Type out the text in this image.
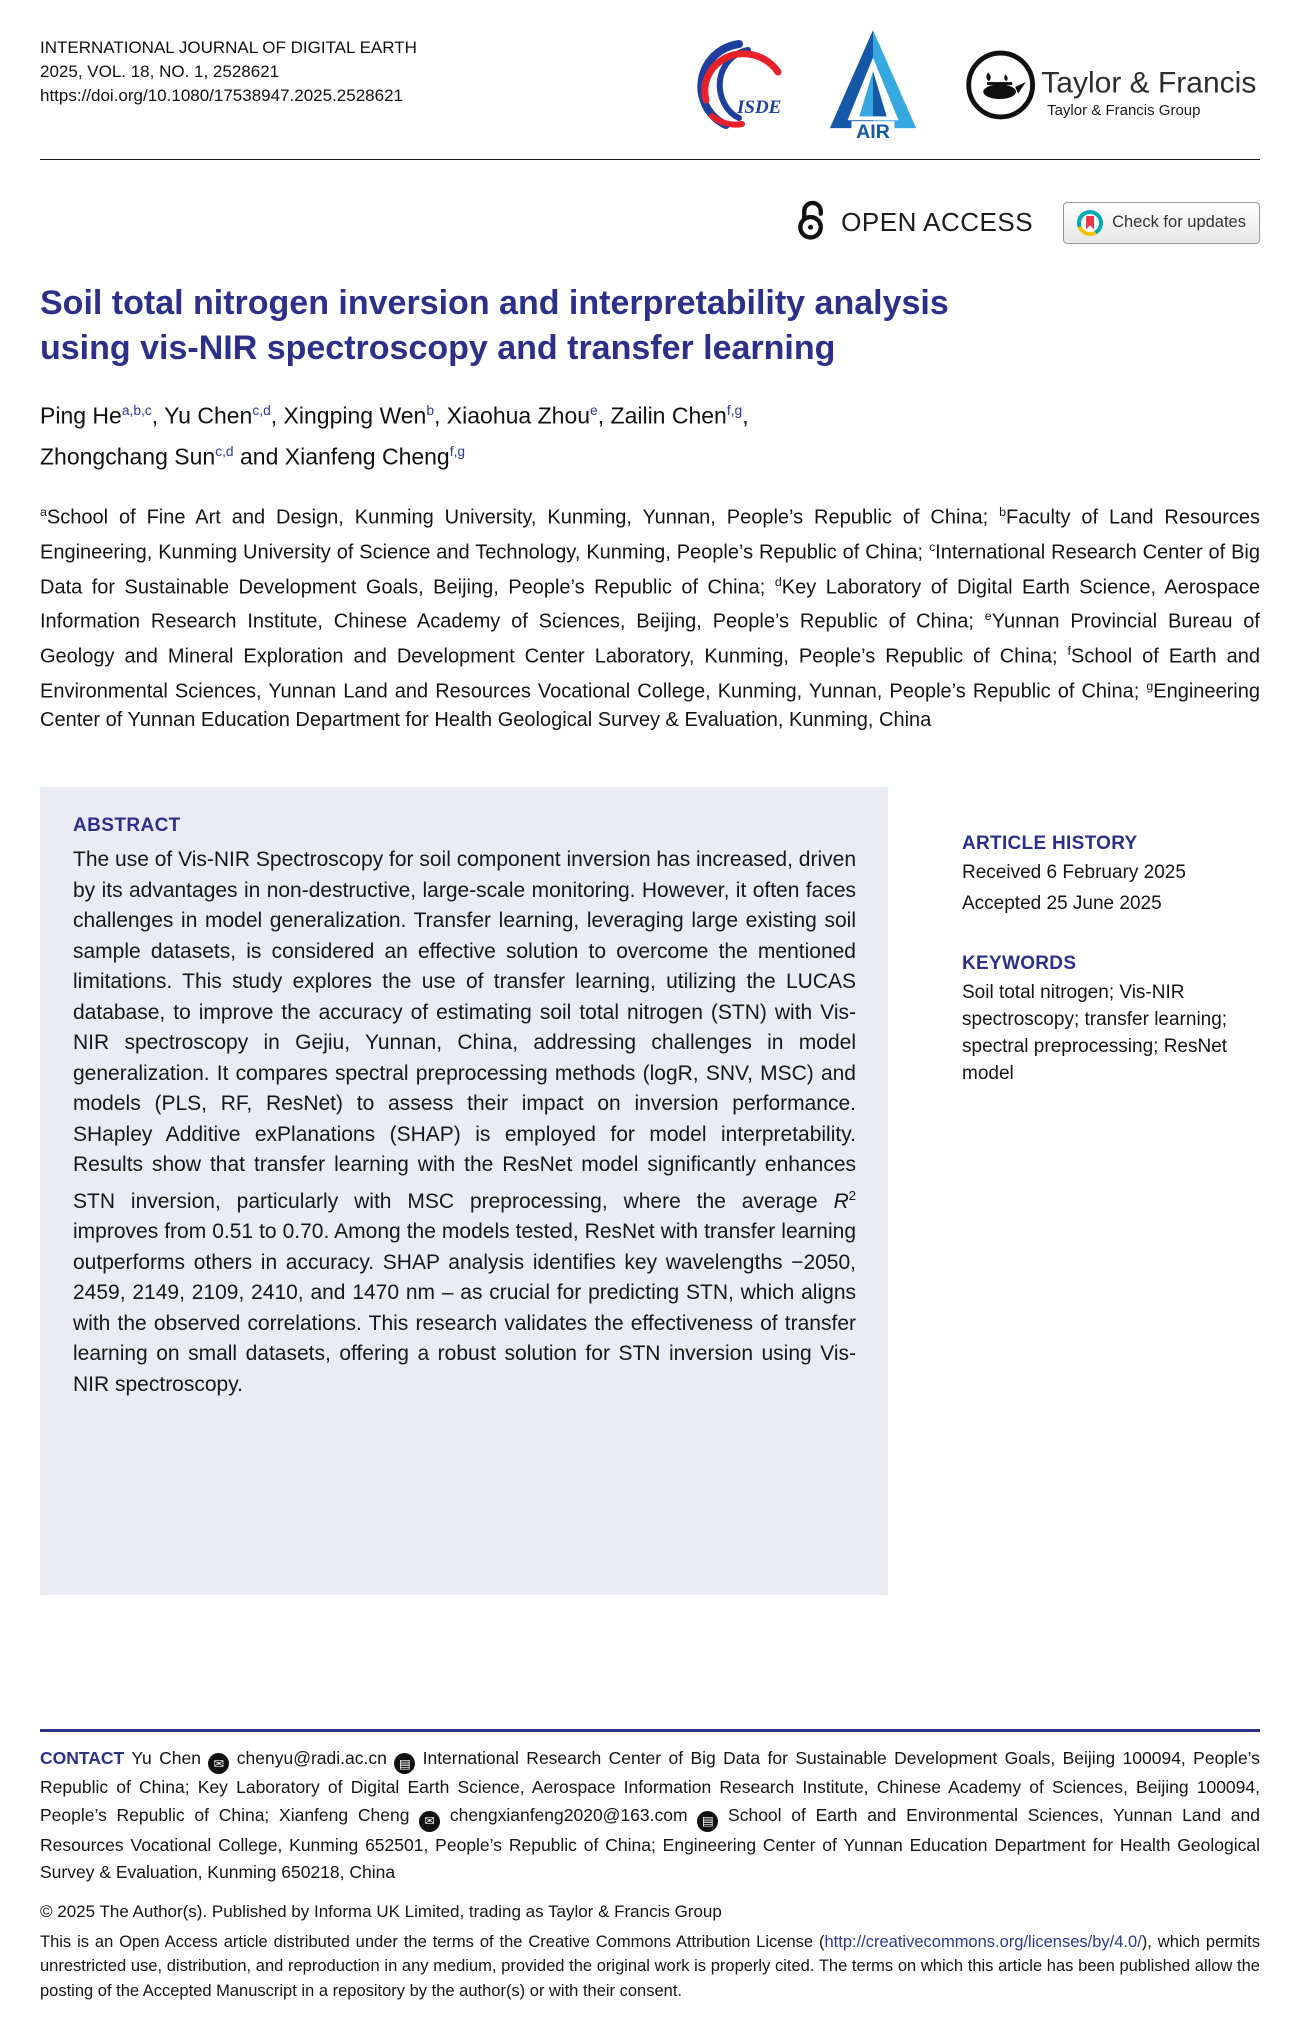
INTERNATIONAL JOURNAL OF DIGITAL EARTH
2025, VOL. 18, NO. 1, 2528621
https://doi.org/10.1080/17538947.2025.2528621
ISDE
AIR
Taylor & Francis
Taylor & Francis Group
OPEN ACCESS	Check for updates
Soil total nitrogen inversion and interpretability analysis
using vis-NIR spectroscopy and transfer learning
Ping He$^{a,b,c}$, Yu Chen$^{c,d}$, Xingping Wen$^b$, Xiaohua Zhou$^e$, Zailin Chen$^{f,g}$,
Zhongchang Sun$^{c,d}$ and Xianfeng Cheng$^{f,g}$
$^a$School of Fine Art and Design, Kunming University, Kunming, Yunnan, People’s Republic of China; $^b$Faculty of Land Resources Engineering, Kunming University of Science and Technology, Kunming, People’s Republic of China; $^c$International Research Center of Big Data for Sustainable Development Goals, Beijing, People’s Republic of China; $^d$Key Laboratory of Digital Earth Science, Aerospace Information Research Institute, Chinese Academy of Sciences, Beijing, People’s Republic of China; $^e$Yunnan Provincial Bureau of Geology and Mineral Exploration and Development Center Laboratory, Kunming, People’s Republic of China; $^f$School of Earth and Environmental Sciences, Yunnan Land and Resources Vocational College, Kunming, Yunnan, People’s Republic of China; $^g$Engineering Center of Yunnan Education Department for Health Geological Survey & Evaluation, Kunming, China
ABSTRACT
The use of Vis-NIR Spectroscopy for soil component inversion has increased, driven by its advantages in non-destructive, large-scale monitoring. However, it often faces challenges in model generalization. Transfer learning, leveraging large existing soil sample datasets, is considered an effective solution to overcome the mentioned limitations. This study explores the use of transfer learning, utilizing the LUCAS database, to improve the accuracy of estimating soil total nitrogen (STN) with Vis-NIR spectroscopy in Gejiu, Yunnan, China, addressing challenges in model generalization. It compares spectral preprocessing methods (logR, SNV, MSC) and models (PLS, RF, ResNet) to assess their impact on inversion performance. SHapley Additive exPlanations (SHAP) is employed for model interpretability. Results show that transfer learning with the ResNet model significantly enhances STN inversion, particularly with MSC preprocessing, where the average $R^2$ improves from 0.51 to 0.70. Among the models tested, ResNet with transfer learning outperforms others in accuracy. SHAP analysis identifies key wavelengths −2050, 2459, 2149, 2109, 2410, and 1470 nm – as crucial for predicting STN, which aligns with the observed correlations. This research validates the effectiveness of transfer learning on small datasets, offering a robust solution for STN inversion using Vis-NIR spectroscopy.
ARTICLE HISTORY
Received 6 February 2025
Accepted 25 June 2025
KEYWORDS
Soil total nitrogen; Vis-NIR spectroscopy; transfer learning; spectral preprocessing; ResNet model
CONTACT Yu Chen ✉ chenyu@radi.ac.cn ▤ International Research Center of Big Data for Sustainable Development Goals, Beijing 100094, People’s Republic of China; Key Laboratory of Digital Earth Science, Aerospace Information Research Institute, Chinese Academy of Sciences, Beijing 100094, People’s Republic of China; Xianfeng Cheng ✉ chengxianfeng2020@163.com ▤ School of Earth and Environmental Sciences, Yunnan Land and Resources Vocational College, Kunming 652501, People’s Republic of China; Engineering Center of Yunnan Education Department for Health Geological Survey & Evaluation, Kunming 650218, China
© 2025 The Author(s). Published by Informa UK Limited, trading as Taylor & Francis Group
This is an Open Access article distributed under the terms of the Creative Commons Attribution License (http://creativecommons.org/licenses/by/4.0/), which permits unrestricted use, distribution, and reproduction in any medium, provided the original work is properly cited. The terms on which this article has been published allow the posting of the Accepted Manuscript in a repository by the author(s) or with their consent.
